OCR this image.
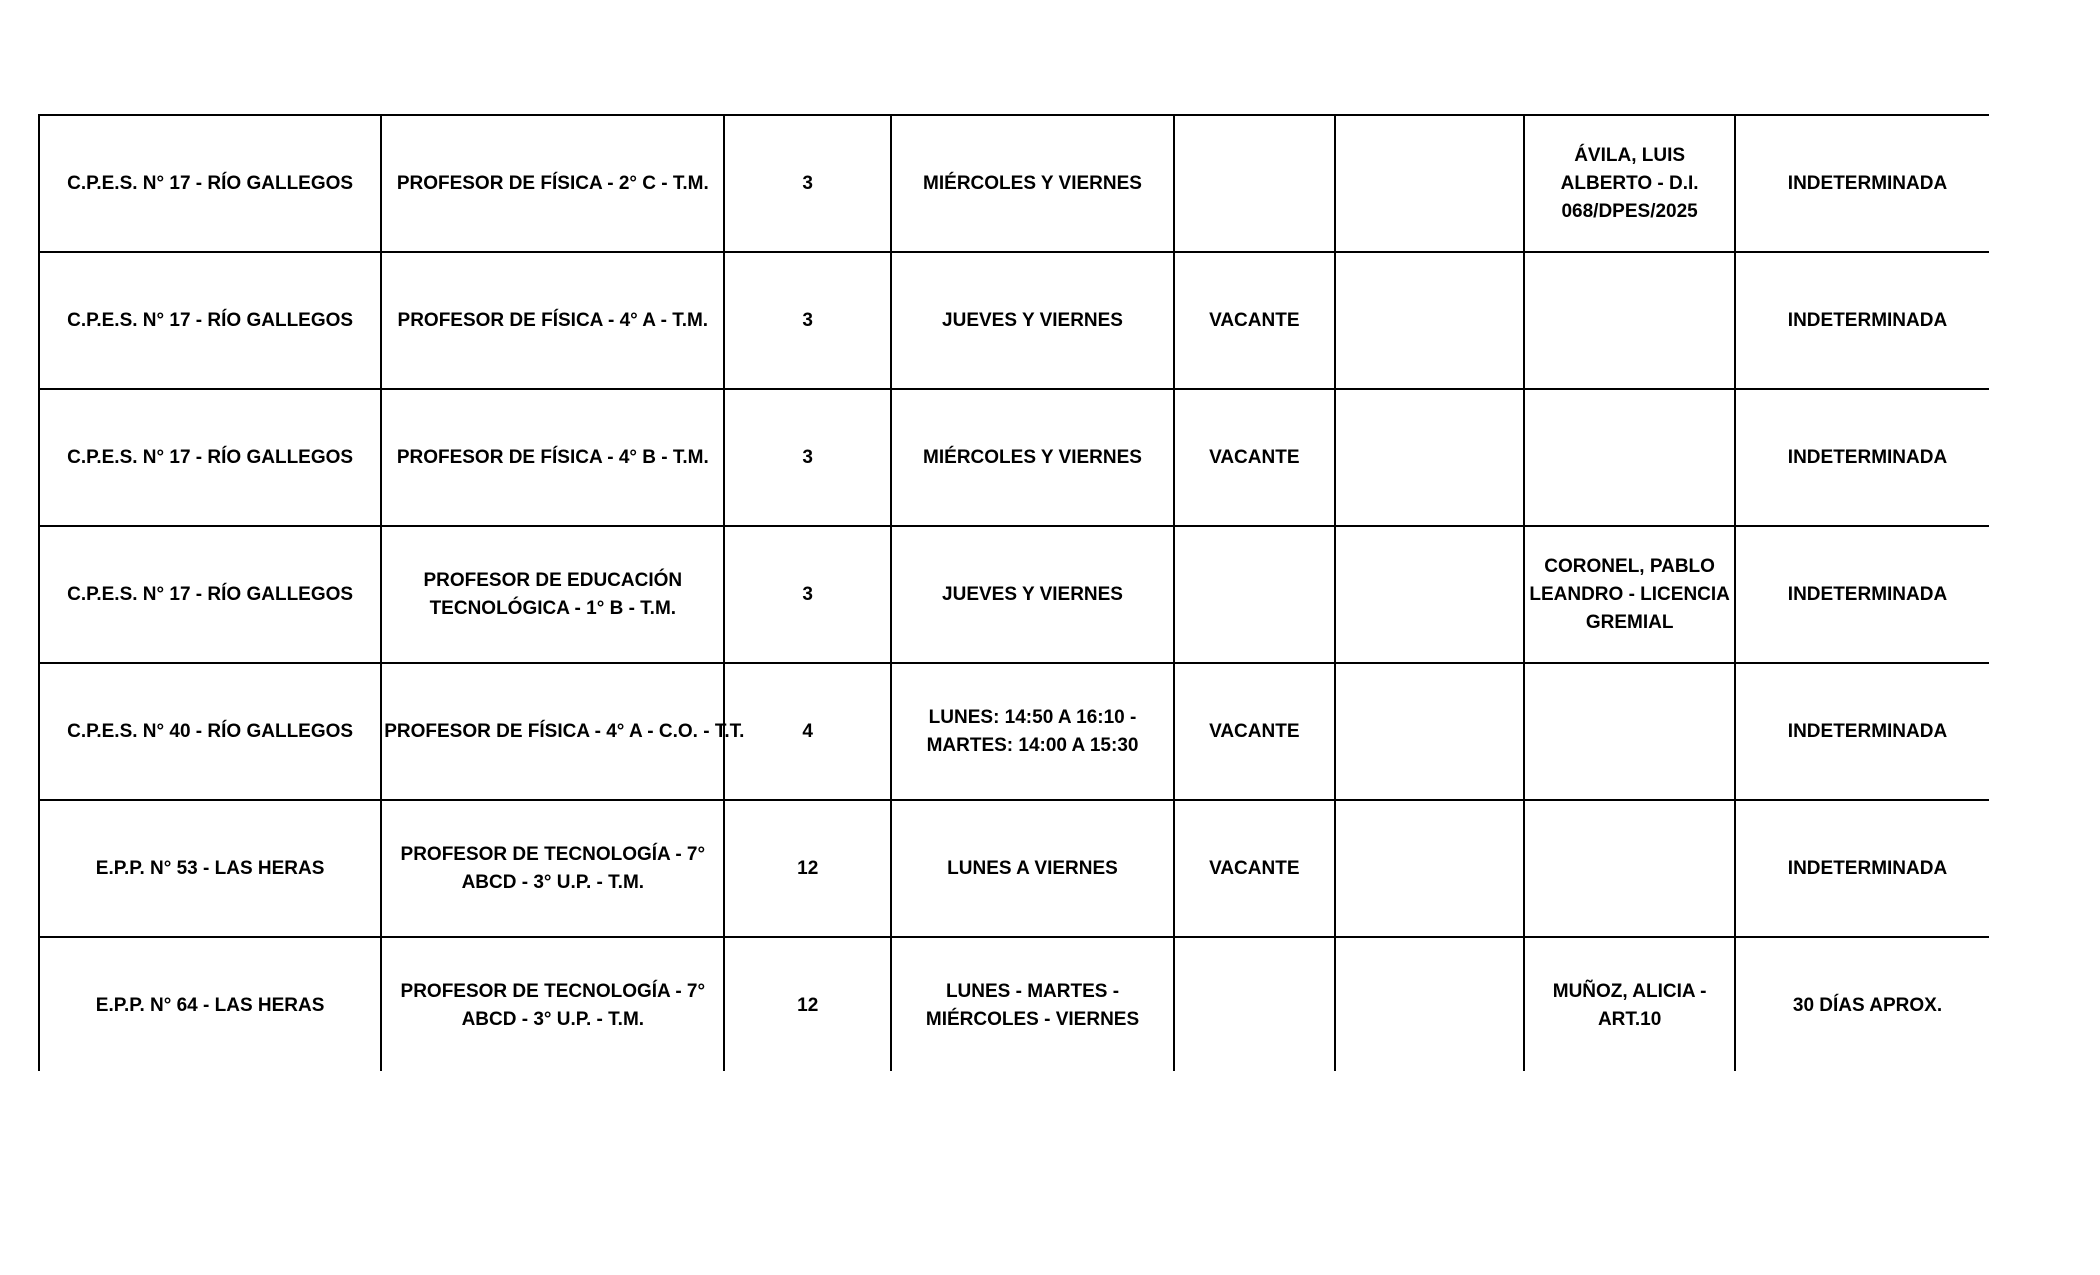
C.P.E.S. N° 17 - RÍO GALLEGOS	PROFESOR DE FÍSICA - 2° C - T.M.	3	MIÉRCOLES Y VIERNES			ÁVILA, LUIS ALBERTO - D.I. 068/DPES/2025	INDETERMINADA
C.P.E.S. N° 17 - RÍO GALLEGOS	PROFESOR DE FÍSICA - 4° A - T.M.	3	JUEVES Y VIERNES	VACANTE			INDETERMINADA
C.P.E.S. N° 17 - RÍO GALLEGOS	PROFESOR DE FÍSICA - 4° B - T.M.	3	MIÉRCOLES Y VIERNES	VACANTE			INDETERMINADA
C.P.E.S. N° 17 - RÍO GALLEGOS	PROFESOR DE EDUCACIÓN TECNOLÓGICA - 1° B - T.M.	3	JUEVES Y VIERNES			CORONEL, PABLO LEANDRO - LICENCIA GREMIAL	INDETERMINADA
C.P.E.S. N° 40 - RÍO GALLEGOS	PROFESOR DE FÍSICA - 4° A - C.O. - T.T.	4	LUNES: 14:50 A 16:10 - MARTES: 14:00 A 15:30	VACANTE			INDETERMINADA
E.P.P. N° 53 - LAS HERAS	PROFESOR DE TECNOLOGÍA - 7° ABCD - 3° U.P. - T.M.	12	LUNES A VIERNES	VACANTE			INDETERMINADA
E.P.P. N° 64 - LAS HERAS	PROFESOR DE TECNOLOGÍA - 7° ABCD - 3° U.P. - T.M.	12	LUNES - MARTES - MIÉRCOLES - VIERNES			MUÑOZ, ALICIA - ART.10	30 DÍAS APROX.
